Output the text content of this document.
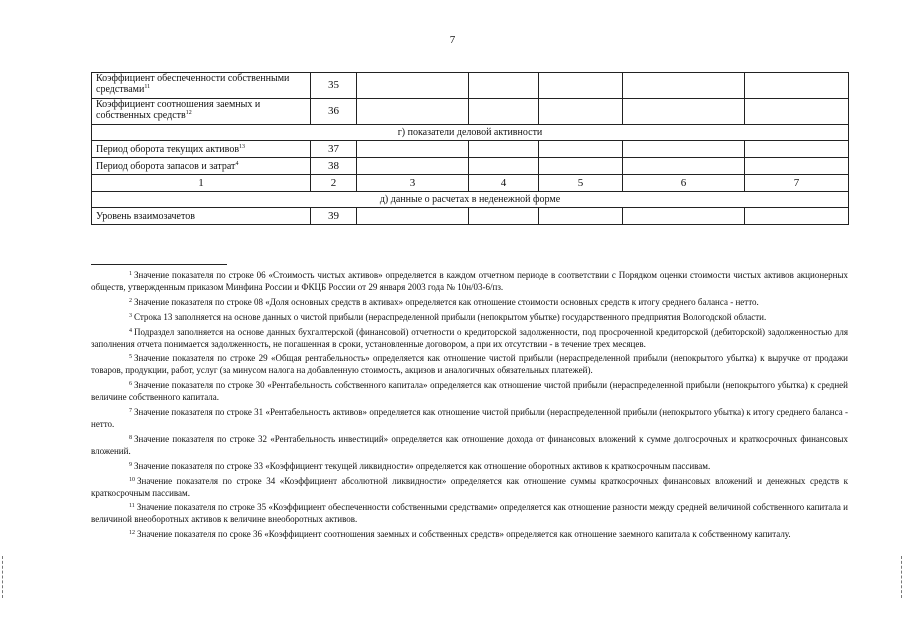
7
Коэффициент обеспеченности собственными средствами$^{11}$	35					
Коэффициент соотношения заемных и собственных средств$^{12}$	36					
г) показатели деловой активности						
Период оборота текущих активов$^{13}$	37					
Период оборота запасов и затрат$^4$	38					
1	2	3	4	5	6	7
д) данные о расчетах в неденежной форме						
Уровень взаимозачетов	39					

$^1$ Значение показателя по строке 06 «Стоимость чистых активов» определяется в каждом отчетном периоде в соответствии с Порядком оценки стоимости чистых активов акционерных обществ, утвержденным приказом Минфина России и ФКЦБ России от 29 января 2003 года № 10н/03-6/пз.

$^2$ Значение показателя по строке 08 «Доля основных средств в активах» определяется как отношение стоимости основных средств к итогу среднего баланса - нетто.

$^3$ Строка 13 заполняется на основе данных о чистой прибыли (нераспределенной прибыли (непокрытом убытке) государственного предприятия Вологодской области.

$^4$ Подраздел заполняется на основе данных бухгалтерской (финансовой) отчетности о кредиторской задолженности, под просроченной кредиторской (дебиторской) задолженностью для заполнения отчета понимается задолженность, не погашенная в сроки, установленные договором, а при их отсутствии - в течение трех месяцев.

$^5$ Значение показателя по строке 29 «Общая рентабельность» определяется как отношение чистой прибыли (нераспределенной прибыли (непокрытого убытка) к выручке от продажи товаров, продукции, работ, услуг (за минусом налога на добавленную стоимость, акцизов и аналогичных обязательных платежей).

$^6$ Значение показателя по строке 30 «Рентабельность собственного капитала» определяется как отношение чистой прибыли (нераспределенной прибыли (непокрытого убытка) к средней величине собственного капитала.

$^7$ Значение показателя по строке 31 «Рентабельность активов» определяется как отношение чистой прибыли (нераспределенной прибыли (непокрытого убытка) к итогу среднего баланса - нетто.

$^8$ Значение показателя по строке 32 «Рентабельность инвестиций» определяется как отношение дохода от финансовых вложений к сумме долгосрочных и краткосрочных финансовых вложений.

$^9$ Значение показателя по строке 33 «Коэффициент текущей ликвидности» определяется как отношение оборотных активов к краткосрочным пассивам.

$^{10}$ Значение показателя по строке 34 «Коэффициент абсолютной ликвидности» определяется как отношение суммы краткосрочных финансовых вложений и денежных средств к краткосрочным пассивам.

$^{11}$ Значение показателя по строке 35 «Коэффициент обеспеченности собственными средствами» определяется как отношение разности между средней величиной собственного капитала и величиной внеоборотных активов к величине внеоборотных активов.

$^{12}$ Значение показателя по сроке 36 «Коэффициент соотношения заемных и собственных средств» определяется как отношение заемного капитала к собственному капиталу.
